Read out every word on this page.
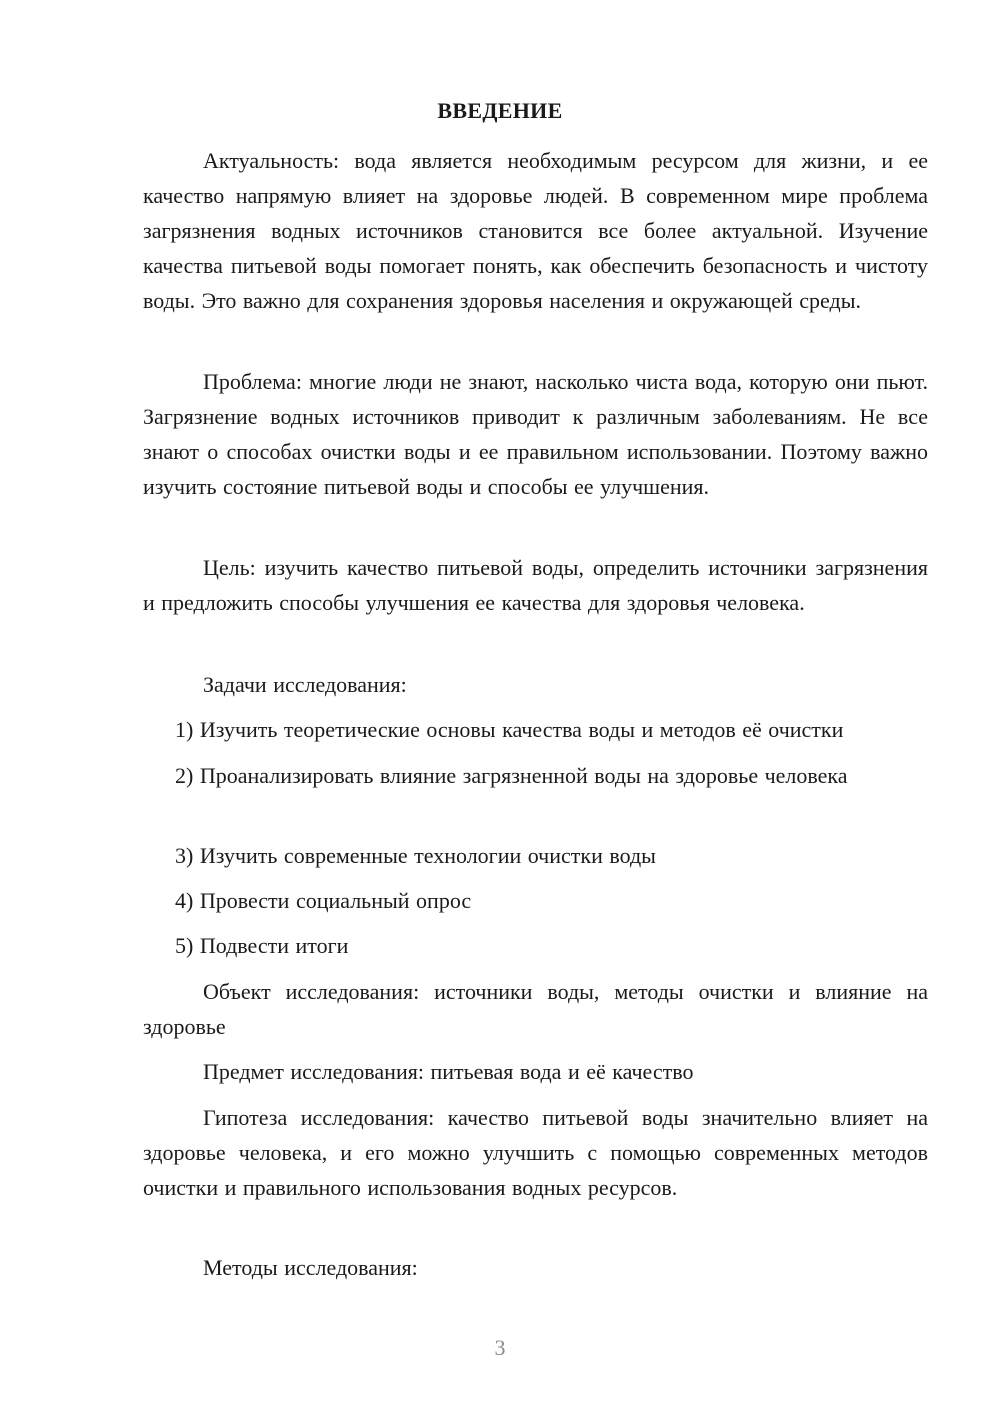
ВВЕДЕНИЕ

Актуальность: вода является необходимым ресурсом для жизни, и ее качество напрямую влияет на здоровье людей. В современном мире проблема загрязнения водных источников становится все более актуальной. Изучение качества питьевой воды помогает понять, как обеспечить безопасность и чистоту воды. Это важно для сохранения здоровья населения и окружающей среды.

Проблема: многие люди не знают, насколько чиста вода, которую они пьют. Загрязнение водных источников приводит к различным заболеваниям. Не все знают о способах очистки воды и ее правильном использовании. Поэтому важно изучить состояние питьевой воды и способы ее улучшения.

Цель: изучить качество питьевой воды, определить источники загрязнения и предложить способы улучшения ее качества для здоровья человека.

Задачи исследования:

1) Изучить теоретические основы качества воды и методов её очистки

2) Проанализировать влияние загрязненной воды на здоровье человека

3) Изучить современные технологии очистки воды

4) Провести социальный опрос

5) Подвести итоги

Объект исследования: источники воды, методы очистки и влияние на здоровье

Предмет исследования: питьевая вода и её качество

Гипотеза исследования: качество питьевой воды значительно влияет на здоровье человека, и его можно улучшить с помощью современных методов очистки и правильного использования водных ресурсов.

Методы исследования:

3
